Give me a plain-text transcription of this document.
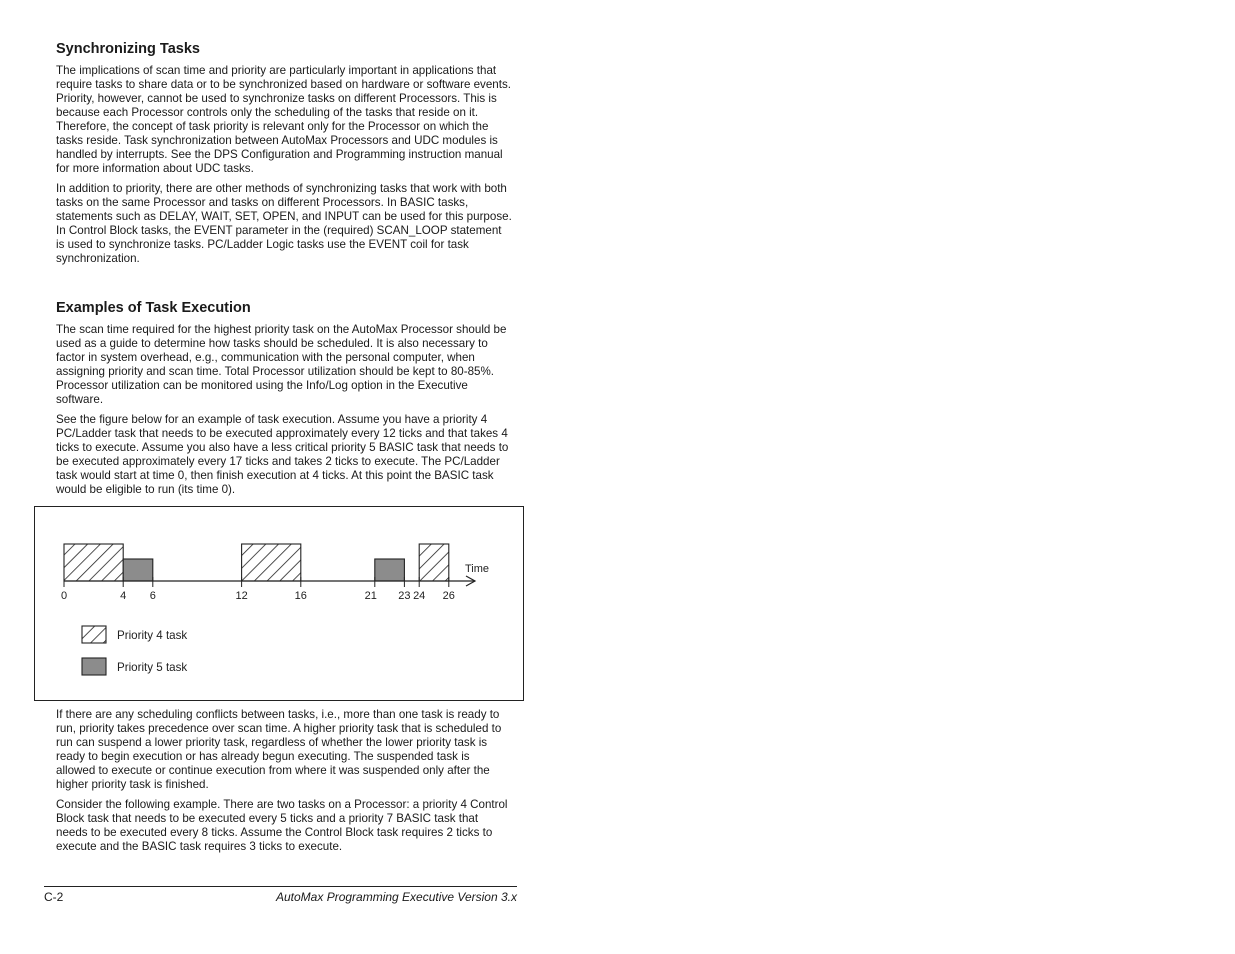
Synchronizing Tasks

The implications of scan time and priority are particularly important in applications that require tasks to share data or to be synchronized based on hardware or software events. Priority, however, cannot be used to synchronize tasks on different Processors. This is because each Processor controls only the scheduling of the tasks that reside on it. Therefore, the concept of task priority is relevant only for the Processor on which the tasks reside. Task synchronization between AutoMax Processors and UDC modules is handled by interrupts. See the DPS Configuration and Programming instruction manual for more information about UDC tasks.

In addition to priority, there are other methods of synchronizing tasks that work with both tasks on the same Processor and tasks on different Processors. In BASIC tasks, statements such as DELAY, WAIT, SET, OPEN, and INPUT can be used for this purpose. In Control Block tasks, the EVENT parameter in the (required) SCAN_LOOP statement is used to synchronize tasks. PC/Ladder Logic tasks use the EVENT coil for task synchronization.

Examples of Task Execution

The scan time required for the highest priority task on the AutoMax Processor should be used as a guide to determine how tasks should be scheduled. It is also necessary to factor in system overhead, e.g., communication with the personal computer, when assigning priority and scan time. Total Processor utilization should be kept to 80-85%. Processor utilization can be monitored using the Info/Log option in the Executive software.

See the figure below for an example of task execution. Assume you have a priority 4 PC/Ladder task that needs to be executed approximately every 12 ticks and that takes 4 ticks to execute. Assume you also have a less critical priority 5 BASIC task that needs to be executed approximately every 17 ticks and takes 2 ticks to execute. The PC/Ladder task would start at time 0, then finish execution at 4 ticks. At this point the BASIC task would be eligible to run (its time 0).

0	4 6	12	16	21 23 24 26
Time
Priority 4 task
Priority 5 task

If there are any scheduling conflicts between tasks, i.e., more than one task is ready to run, priority takes precedence over scan time. A higher priority task that is scheduled to run can suspend a lower priority task, regardless of whether the lower priority task is ready to begin execution or has already begun executing. The suspended task is allowed to execute or continue execution from where it was suspended only after the higher priority task is finished.

Consider the following example. There are two tasks on a Processor: a priority 4 Control Block task that needs to be executed every 5 ticks and a priority 7 BASIC task that needs to be executed every 8 ticks. Assume the Control Block task requires 2 ticks to execute and the BASIC task requires 3 ticks to execute.

C-2	AutoMax Programming Executive Version 3.x
